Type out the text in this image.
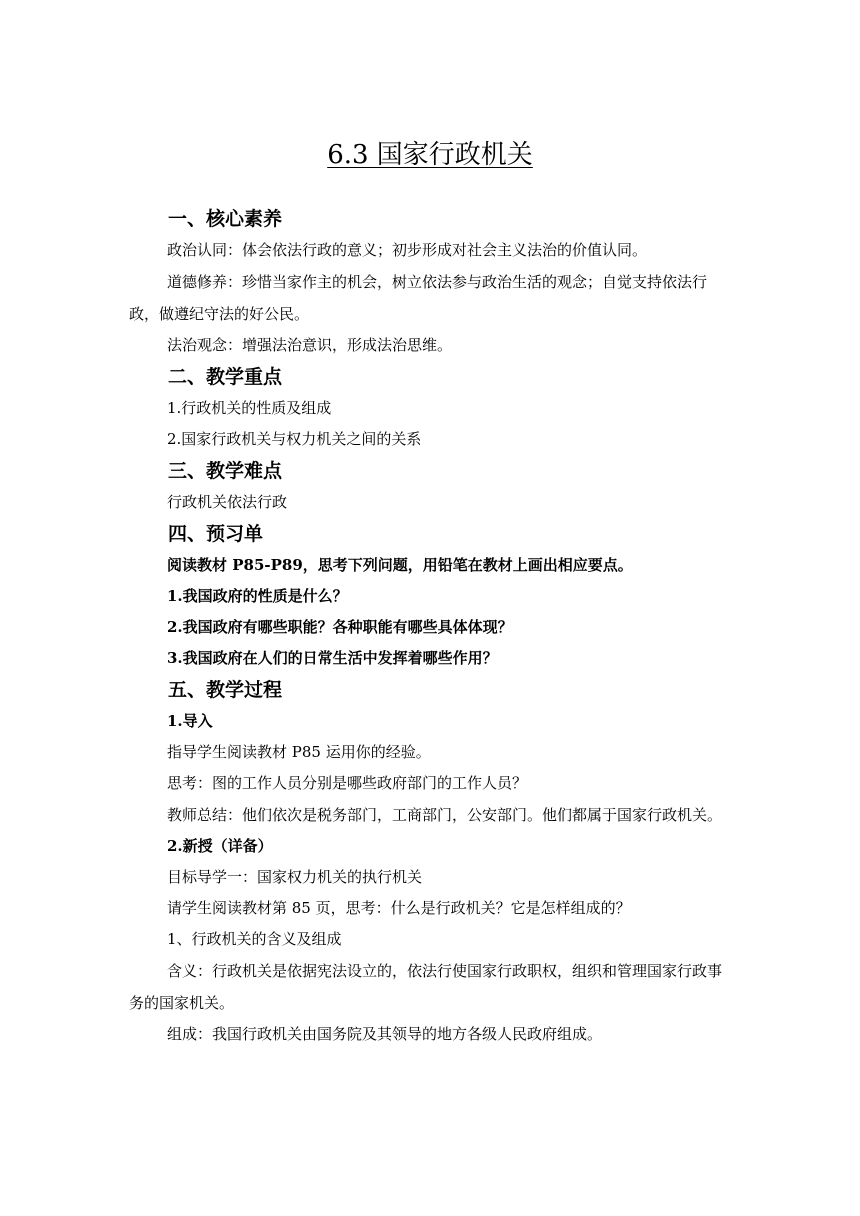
6.3 国家行政机关
一、核心素养
政治认同：体会依法行政的意义；初步形成对社会主义法治的价值认同。
道德修养：珍惜当家作主的机会，树立依法参与政治生活的观念；自觉支持依法行政，做遵纪守法的好公民。
法治观念：增强法治意识，形成法治思维。
二、教学重点
1.行政机关的性质及组成
2.国家行政机关与权力机关之间的关系
三、教学难点
行政机关依法行政
四、预习单
阅读教材 P85-P89，思考下列问题，用铅笔在教材上画出相应要点。
1.我国政府的性质是什么？
2.我国政府有哪些职能？各种职能有哪些具体体现？
3.我国政府在人们的日常生活中发挥着哪些作用？
五、教学过程
1.导入
指导学生阅读教材 P85 运用你的经验。
思考：图的工作人员分别是哪些政府部门的工作人员？
教师总结：他们依次是税务部门，工商部门，公安部门。他们都属于国家行政机关。
2.新授（详备）
目标导学一：国家权力机关的执行机关
请学生阅读教材第 85 页，思考：什么是行政机关？它是怎样组成的？
1、行政机关的含义及组成
含义：行政机关是依据宪法设立的，依法行使国家行政职权，组织和管理国家行政事务的国家机关。
组成：我国行政机关由国务院及其领导的地方各级人民政府组成。
